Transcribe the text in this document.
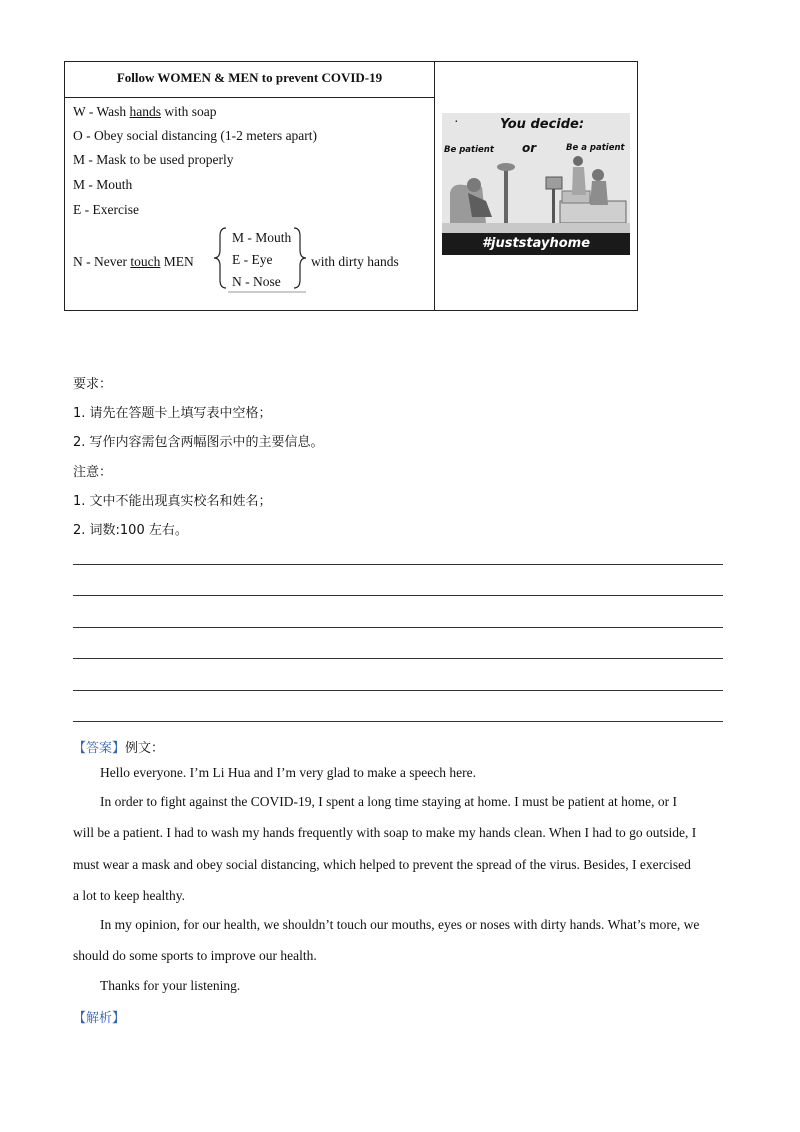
Follow WOMEN & MEN to prevent COVID-19
W - Wash hands with soap
O - Obey social distancing (1-2 meters apart)
M - Mask to be used properly
M - Mouth
E - Exercise
N - Never touch MEN	with dirty hands
·	You decide:
Be patient or	Be a patient
#juststayhome
M - Mouth
E - Eye
N - Nose
要求：
1. 请先在答题卡上填写表中空格；
2. 写作内容需包含两幅图示中的主要信息。
注意：
1. 文中不能出现真实校名和姓名；
2. 词数:100 左右。
【答案】例文：
Hello everyone. I’m Li Hua and I’m very glad to make a speech here.
In order to fight against the COVID-19, I spent a long time staying at home. I must be patient at home, or I
will be a patient. I had to wash my hands frequently with soap to make my hands clean. When I had to go outside, I
must wear a mask and obey social distancing, which helped to prevent the spread of the virus. Besides, I exercised
a lot to keep healthy.
In my opinion, for our health, we shouldn’t touch our mouths, eyes or noses with dirty hands. What’s more, we
should do some sports to improve our health.
Thanks for your listening.
【解析】
